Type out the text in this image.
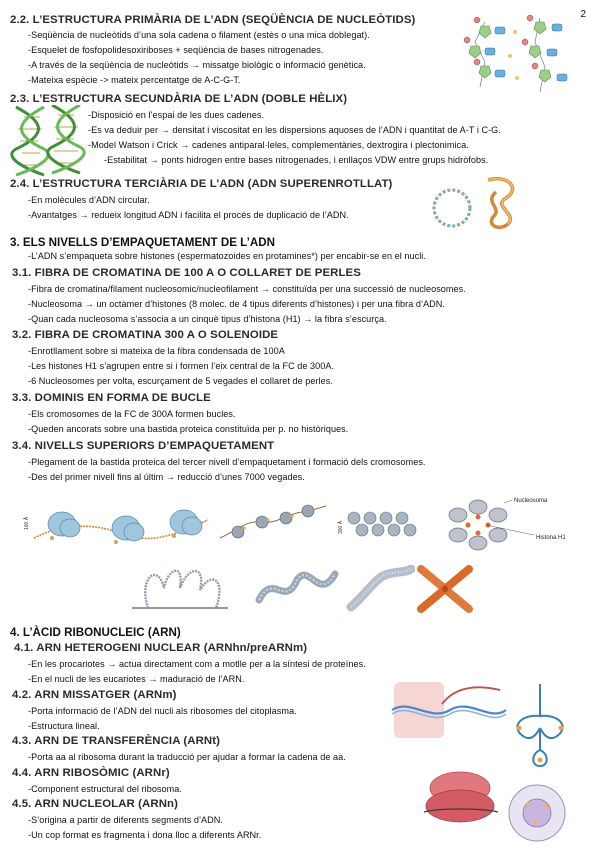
2
2.2. L’ESTRUCTURA PRIMÀRIA DE L’ADN (SEQÜÈNCIA DE NUCLEÒTIDS)
-Seqüència de nucleòtids d’una sola cadena o filament (estès o una mica doblegat).
-Esquelet de fosfopolidesoxiriboses + seqüència de bases nitrogenades.
-A través de la seqüència de nucleòtids → missatge biològic o informació genètica.
-Mateixa espècie -> mateix percentatge de A-C-G-T.
2.3. L’ESTRUCTURA SECUNDÀRIA DE L’ADN (DOBLE HÈLIX)
-Disposició en l’espai de les dues cadenes.
-Es va deduir per → densitat i viscositat en les dispersions aquoses de l’ADN i quantitat de A-T i C-G.
-Model Watson i Crick → cadenes antiparal·leles, complementàries, dextrogira i plectonimica.
-Estabilitat → ponts hidrogen entre bases nitrogenades, i enllaços VDW entre grups hidròfobs.
2.4. L’ESTRUCTURA TERCIÀRIA DE L’ADN (ADN SUPERENROTLLAT)
-En molècules d’ADN circular.
-Avantatges → redueix longitud ADN i facilita el procés de duplicació de l’ADN.
3. ELS NIVELLS D’EMPAQUETAMENT DE L’ADN
-L’ADN s’empaqueta sobre histones (espermatozoides en protamines*) per encabir-se en el nucli.
3.1. FIBRA DE CROMATINA DE 100 A O COLLARET DE PERLES
-Fibra de cromatina/filament nucleosomic/nucleofilament → constituïda per una successió de nucleosomes.
-Nucleosoma → un octàmer d’histones (8 molec. de 4 tipus diferents d’histones) i per una fibra d’ADN.
-Quan cada nucleosoma s’associa a un cinquè tipus d’histona (H1) → la fibra s’escurça.
3.2. FIBRA DE CROMATINA 300 A O SOLENOIDE
-Enrotllament sobre si mateixa de la fibra condensada de 100A
-Les histones H1 s’agrupen entre si i formen l’eix central de la FC de 300A.
-6 Nucleosomes per volta, escurçament de 5 vegades el collaret de perles.
3.3. DOMINIS EN FORMA DE BUCLE
-Els cromosomes de la FC de 300A formen bucles.
-Queden ancorats sobre una bastida proteica constituïda per p. no històriques.
3.4. NIVELLS SUPERIORS D’EMPAQUETAMENT
-Plegament de la bastida proteica del tercer nivell d’empaquetament i formació dels cromosomes.
-Des del primer nivell fins al últim → reducció d’unes 7000 vegades.
100 Å	300 Å
Nucleosoma
Histona H1
4. L’ÀCID RIBONUCLEIC (ARN)
4.1. ARN HETEROGENI NUCLEAR (ARNhn/preARNm)
-En les procariotes → actua directament com a motlle per a la síntesi de proteïnes.
-En el nucli de les eucariotes → maduració de l’ARN.
4.2. ARN MISSATGER (ARNm)
-Porta informació de l’ADN del nucli als ribosomes del citoplasma.
-Estructura lineal.
4.3. ARN DE TRANSFERÈNCIA (ARNt)
-Porta aa al ribosoma durant la traducció per ajudar a formar la cadena de aa.
4.4. ARN RIBOSÒMIC (ARNr)
-Component estructural del ribosoma.
4.5. ARN NUCLEOLAR (ARNn)
-S’origina a partir de diferents segments d’ADN.
-Un cop format es fragmenta i dona lloc a diferents ARNr.
